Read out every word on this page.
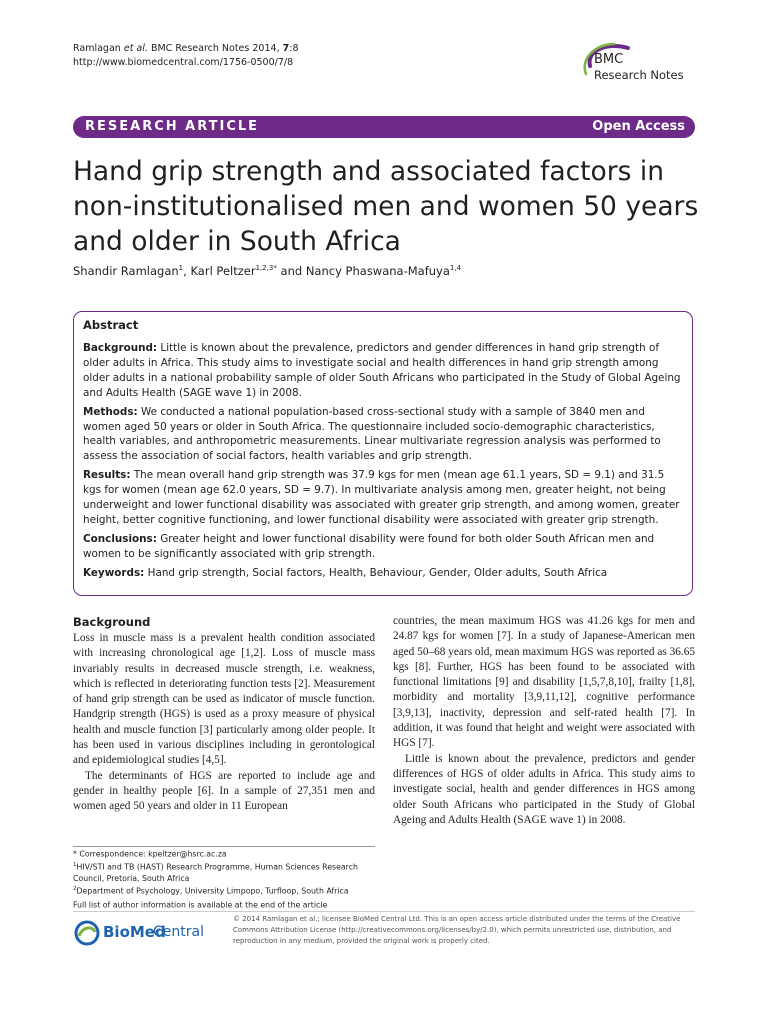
Ramlagan et al. BMC Research Notes 2014, 7:8
http://www.biomedcentral.com/1756-0500/7/8	BMC
Research Notes
RESEARCH ARTICLE	Open Access
Hand grip strength and associated factors in non-institutionalised men and women 50 years and older in South Africa
Shandir Ramlagan$^1$, Karl Peltzer$^{1,2,3*}$ and Nancy Phaswana-Mafuya$^{1,4}$
Abstract

Background: Little is known about the prevalence, predictors and gender differences in hand grip strength of older adults in Africa. This study aims to investigate social and health differences in hand grip strength among older adults in a national probability sample of older South Africans who participated in the Study of Global Ageing and Adults Health (SAGE wave 1) in 2008.

Methods: We conducted a national population-based cross-sectional study with a sample of 3840 men and women aged 50 years or older in South Africa. The questionnaire included socio-demographic characteristics, health variables, and anthropometric measurements. Linear multivariate regression analysis was performed to assess the association of social factors, health variables and grip strength.

Results: The mean overall hand grip strength was 37.9 kgs for men (mean age 61.1 years, SD = 9.1) and 31.5 kgs for women (mean age 62.0 years, SD = 9.7). In multivariate analysis among men, greater height, not being underweight and lower functional disability was associated with greater grip strength, and among women, greater height, better cognitive functioning, and lower functional disability were associated with greater grip strength.

Conclusions: Greater height and lower functional disability were found for both older South African men and women to be significantly associated with grip strength.

Keywords: Hand grip strength, Social factors, Health, Behaviour, Gender, Older adults, South Africa

Background

Loss in muscle mass is a prevalent health condition associated with increasing chronological age [1,2]. Loss of muscle mass invariably results in decreased muscle strength, i.e. weakness, which is reflected in deteriorating function tests [2]. Measurement of hand grip strength can be used as indicator of muscle function. Handgrip strength (HGS) is used as a proxy measure of physical health and muscle function [3] particularly among older people. It has been used in various disciplines including in gerontological and epidemiological studies [4,5].

The determinants of HGS are reported to include age and gender in healthy people [6]. In a sample of 27,351 men and women aged 50 years and older in 11 European

countries, the mean maximum HGS was 41.26 kgs for men and 24.87 kgs for women [7]. In a study of Japanese-American men aged 50–68 years old, mean maximum HGS was reported as 36.65 kgs [8]. Further, HGS has been found to be associated with functional limitations [9] and disability [1,5,7,8,10], frailty [1,8], morbidity and mortality [3,9,11,12], cognitive performance [3,9,13], inactivity, depression and self-rated health [7]. In addition, it was found that height and weight were associated with HGS [7].

Little is known about the prevalence, predictors and gender differences of HGS of older adults in Africa. This study aims to investigate social, health and gender differences in HGS among older South Africans who participated in the Study of Global Ageing and Adults Health (SAGE wave 1) in 2008.

* Correspondence: kpeltzer@hsrc.ac.za

$^1$HIV/STI and TB (HAST) Research Programme, Human Sciences Research Council, Pretoria, South Africa

$^2$Department of Psychology, University Limpopo, Turfloop, South Africa

Full list of author information is available at the end of the article

BioMed
Central
© 2014 Ramlagan et al.; licensee BioMed Central Ltd. This is an open access article distributed under the terms of the Creative Commons Attribution License (http://creativecommons.org/licenses/by/2.0), which permits unrestricted use, distribution, and reproduction in any medium, provided the original work is properly cited.
